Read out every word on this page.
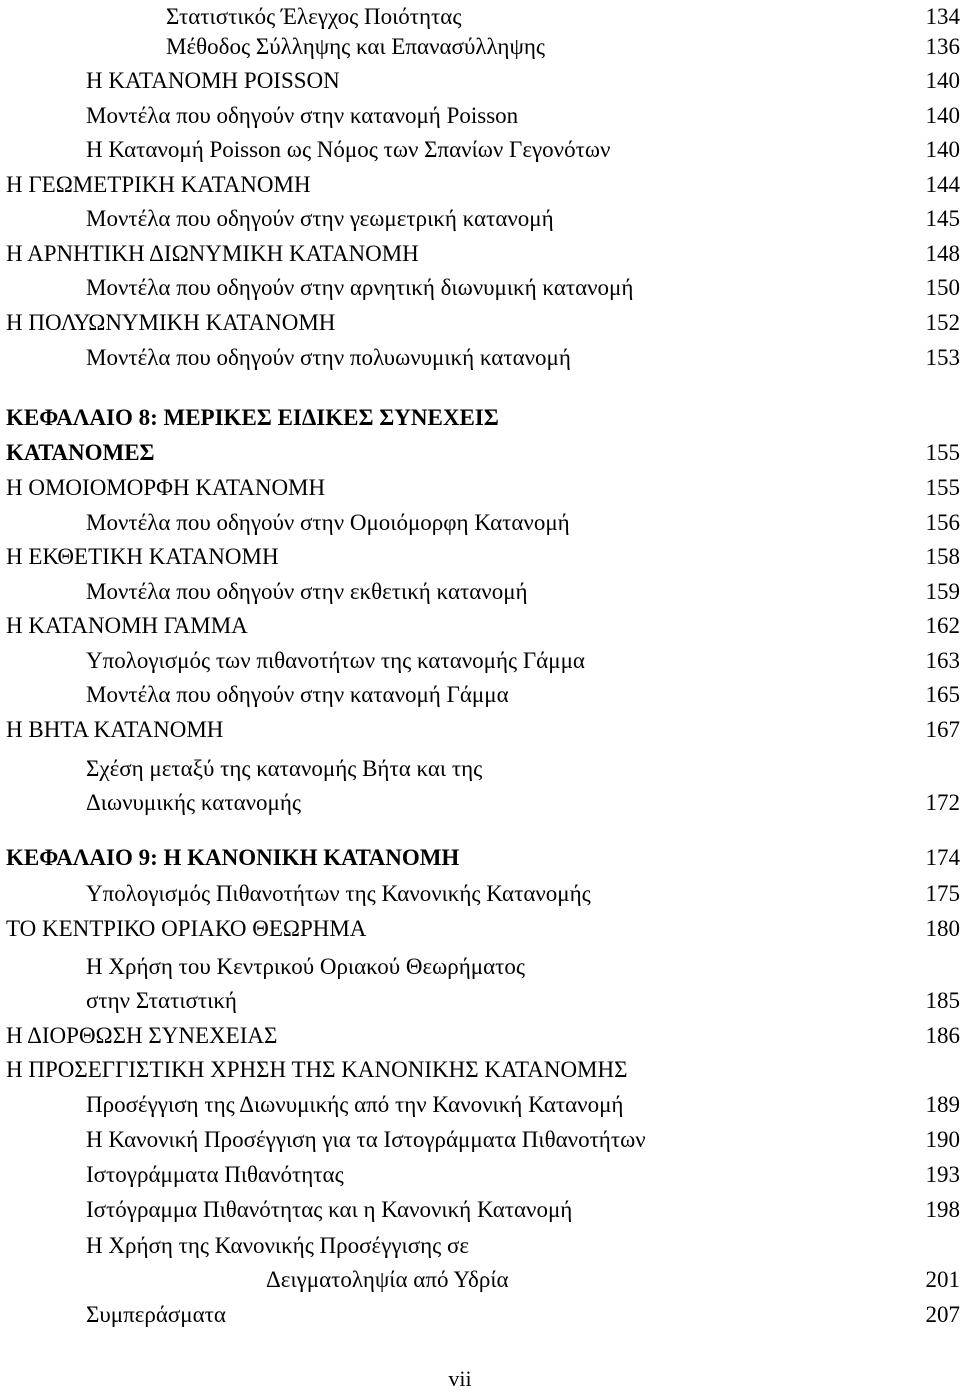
Στατιστικός Έλεγχος Ποιότητας	134
Μέθοδος Σύλληψης και Επανασύλληψης	136
Η ΚΑΤΑΝΟΜΗ POISSON	140
Μοντέλα που οδηγούν στην κατανομή Poisson	140
Η Κατανομή Poisson ως Νόμος των Σπανίων Γεγονότων	140
Η ΓΕΩΜΕΤΡΙΚΗ ΚΑΤΑΝΟΜΗ	144
Μοντέλα που οδηγούν στην γεωμετρική κατανομή	145
Η ΑΡΝΗΤΙΚΗ ΔΙΩΝΥΜΙΚΗ ΚΑΤΑΝΟΜΗ	148
Μοντέλα που οδηγούν στην αρνητική διωνυμική κατανομή	150
Η ΠΟΛΥΩΝΥΜΙΚΗ ΚΑΤΑΝΟΜΗ	152
Μοντέλα που οδηγούν στην πολυωνυμική κατανομή	153
ΚΕΦΑΛΑΙΟ 8: ΜΕΡΙΚΕΣ ΕΙΔΙΚΕΣ ΣΥΝΕΧΕΙΣ
ΚΑΤΑΝΟΜΕΣ	155
Η ΟΜΟΙΟΜΟΡΦΗ ΚΑΤΑΝΟΜΗ	155
Μοντέλα που οδηγούν στην Ομοιόμορφη Κατανομή	156
Η ΕΚΘΕΤΙΚΗ ΚΑΤΑΝΟΜΗ	158
Μοντέλα που οδηγούν στην εκθετική κατανομή	159
Η ΚΑΤΑΝΟΜΗ ΓΑΜΜΑ	162
Υπολογισμός των πιθανοτήτων της κατανομής Γάμμα	163
Μοντέλα που οδηγούν στην κατανομή Γάμμα	165
Η ΒΗΤΑ ΚΑΤΑΝΟΜΗ	167
Σχέση μεταξύ της κατανομής Βήτα και της
Διωνυμικής κατανομής	172
ΚΕΦΑΛΑΙΟ 9: Η ΚΑΝΟΝΙΚΗ ΚΑΤΑΝΟΜΗ	174
Υπολογισμός Πιθανοτήτων της Κανονικής Κατανομής	175
ΤΟ ΚΕΝΤΡΙΚΟ ΟΡΙΑΚΟ ΘΕΩΡΗΜΑ	180
Η Χρήση του Κεντρικού Οριακού Θεωρήματος
στην Στατιστική	185
Η ΔΙΟΡΘΩΣΗ ΣΥΝΕΧΕΙΑΣ	186
Η ΠΡΟΣΕΓΓΙΣΤΙΚΗ ΧΡΗΣΗ ΤΗΣ ΚΑΝΟΝΙΚΗΣ ΚΑΤΑΝΟΜΗΣ
Προσέγγιση της Διωνυμικής από την Κανονική Κατανομή	189
Η Κανονική Προσέγγιση για τα Ιστογράμματα Πιθανοτήτων	190
Ιστογράμματα Πιθανότητας	193
Ιστόγραμμα Πιθανότητας και η Κανονική Κατανομή	198
Η Χρήση της Κανονικής Προσέγγισης σε
Δειγματοληψία από Υδρία	201
Συμπεράσματα	207
vii
